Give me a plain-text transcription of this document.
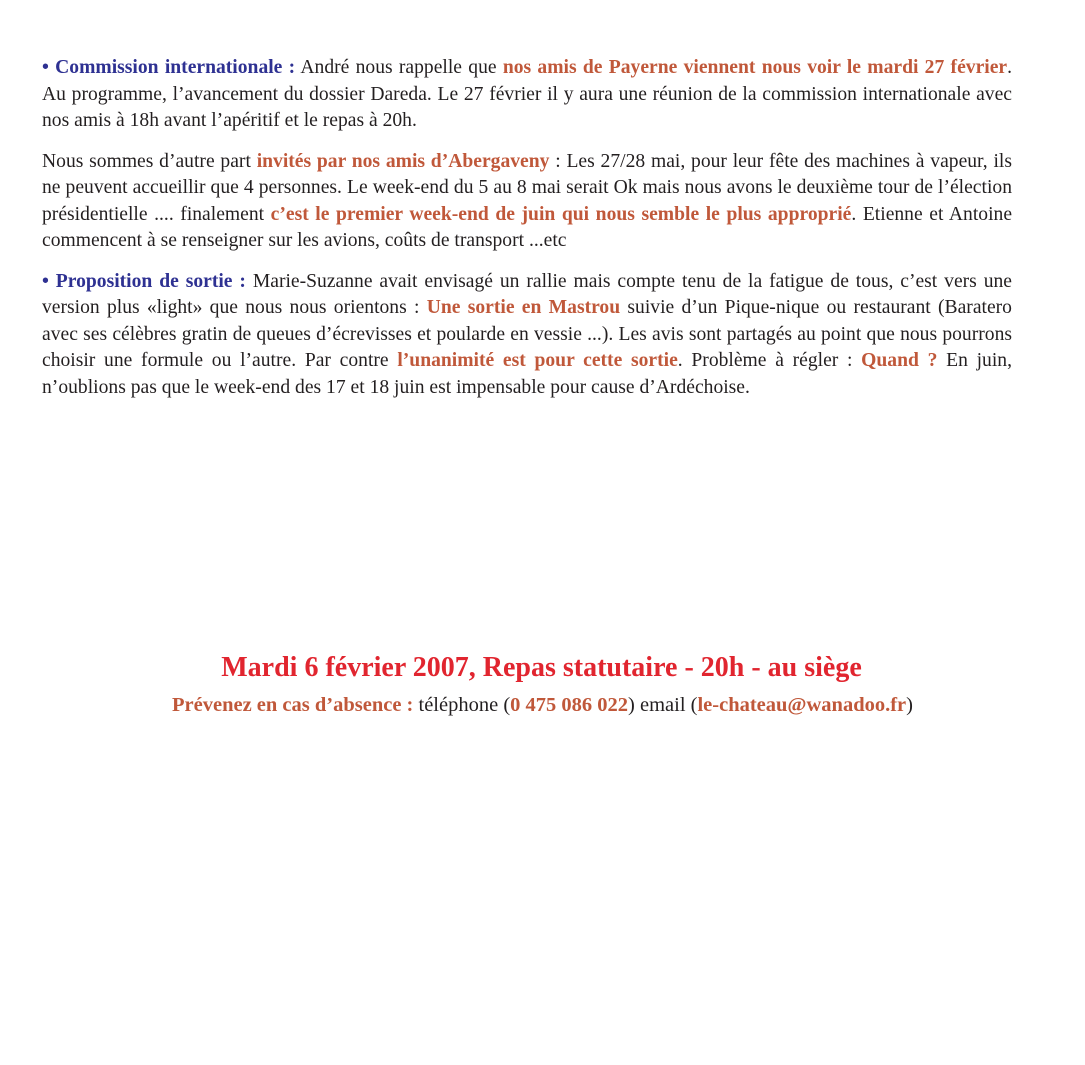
• Commission internationale : André nous rappelle que nos amis de Payerne viennent nous voir le mardi 27 février. Au programme, l’avancement du dossier Dareda. Le 27 février il y aura une réunion de la commission internationale avec nos amis à 18h avant l’apéritif et le repas à 20h.

Nous sommes d’autre part invités par nos amis d’Abergaveny : Les 27/28 mai, pour leur fête des machines à vapeur, ils ne peuvent accueillir que 4 personnes. Le week-end du 5 au 8 mai serait Ok mais nous avons le deuxième tour de l’élection présidentielle .... finalement c’est le premier week-end de juin qui nous semble le plus approprié. Etienne et Antoine commencent à se renseigner sur les avions, coûts de transport ...etc

• Proposition de sortie : Marie-Suzanne avait envisagé un rallie mais compte tenu de la fatigue de tous, c’est vers une version plus «light» que nous nous orientons : Une sortie en Mastrou suivie d’un Pique-nique ou restaurant (Baratero avec ses célèbres gratin de queues d’écrevisses et poularde en vessie ...). Les avis sont partagés au point que nous pourrons choisir une formule ou l’autre. Par contre l’unanimité est pour cette sortie. Problème à régler : Quand ? En juin, n’oublions pas que le week-end des 17 et 18 juin est impensable pour cause d’Ardéchoise.

Mardi 6 février 2007, Repas statutaire - 20h - au siège
Prévenez en cas d’absence : téléphone (0 475 086 022) email (le-chateau@wanadoo.fr)
